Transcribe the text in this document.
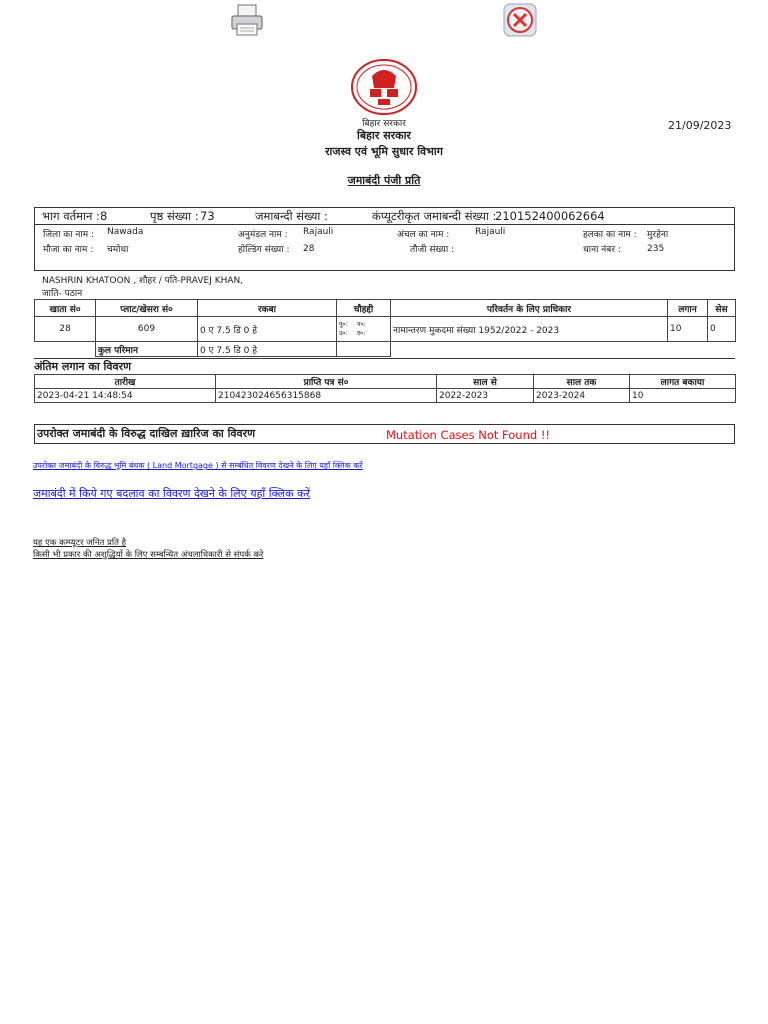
बिहार सरकार	21/09/2023
बिहार सरकार
राजस्व एवं भूमि सुधार विभाग
जमाबंदी पंजी प्रति
भाग वर्तमान : 8	पृष्ठ संख्या : 73	जमाबन्दी संख्या :	कंप्यूटरीकृत जमाबन्दी संख्या :
210152400062664
जिला का नाम : Nawada	अनुमंडल नाम : Rajauli	अंचल का नाम :	Rajauli	हलका का नाम : मुरहेना
मौजा का नाम : चमोथा	होल्डिंग संख्या : 28	तौजी संख्या :	थाना नंबर :	235
NASHRIN KHATOON , शौहर / पति-PRAVEJ KHAN,
जाति- पठान
खाता सं०	प्लाट/खेसरा सं०	रकबा	चौहद्दी	परिवर्तन के लिए प्राधिकार	लगान	सेस
28	609	0 ए 7.5 डि 0 हे	पू०: प०:
उ०: द०:	नामान्तरण मुकदमा संख्या 1952/2022 - 2023	10	0
	कुल परिमान	0 ए 7.5 डि 0 हे				
अंतिम लगान का विवरण
तारीख	प्राप्ति पत्र सं०	साल से	साल तक	लागत बकाया
2023-04-21 14:48:54	210423024656315868	2022-2023	2023-2024	10
उपरोक्त जमाबंदी के विरुद्ध दाखिल ख़ारिज का विवरण	Mutation Cases Not Found !!
उपरोक्त जमाबंदी के विरुद्ध भूमि बंधक ( Land Mortgage ) से सम्बंधित विवरण देखने के लिए यहाँ क्लिक करें
जमाबंदी में किये गए बदलाव का विवरण देखने के लिए यहाँ क्लिक करें
यह एक कम्प्यूटर जनित प्रति है
किसी भी प्रकार की अशुद्धियों के लिए सम्बन्धित अंचलाधिकारी से संपर्क करे
